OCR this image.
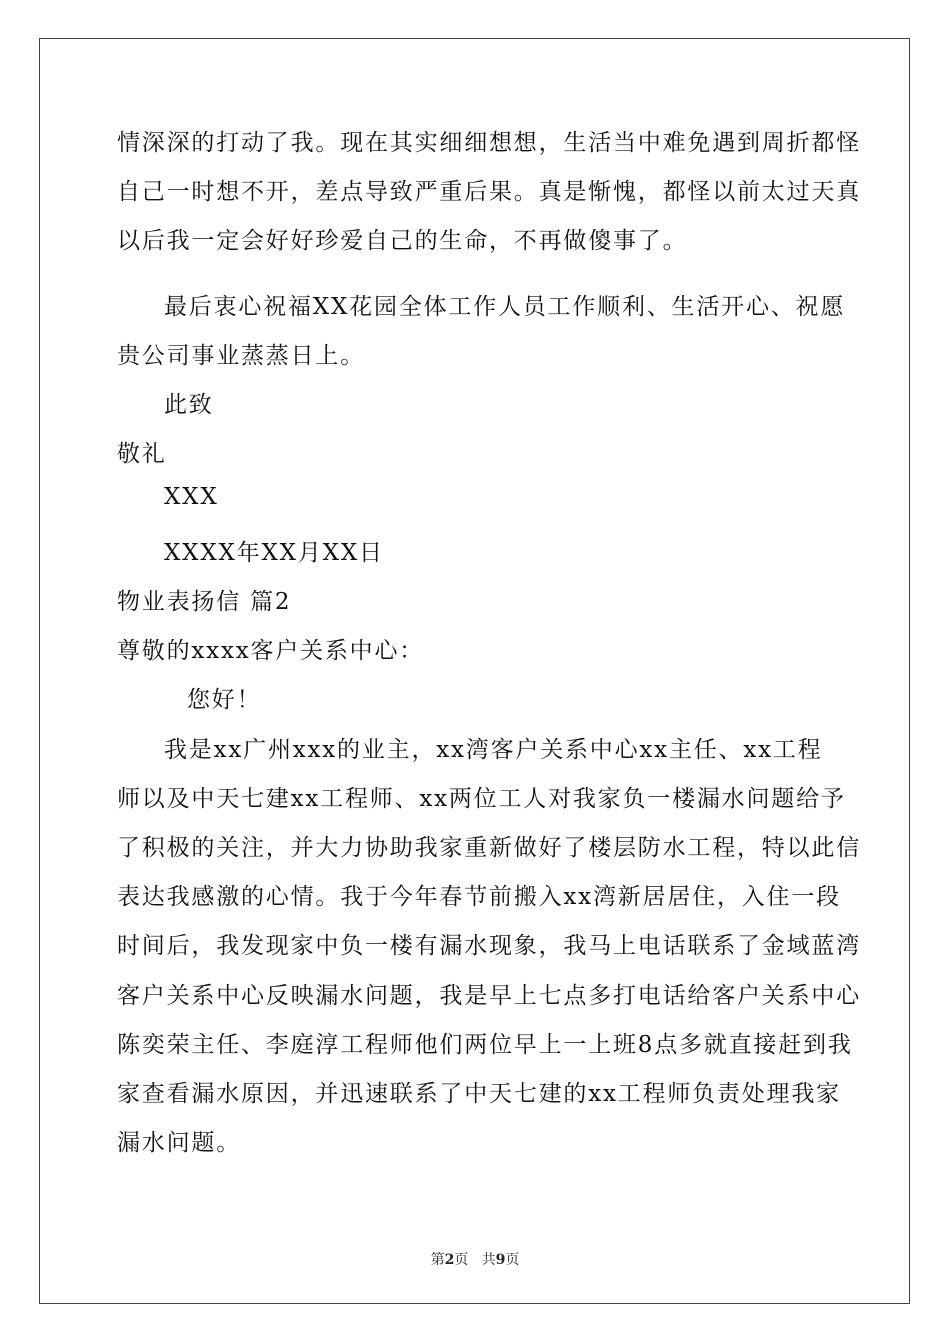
情深深的打动了我。现在其实细细想想，生活当中难免遇到周折都怪
自己一时想不开，差点导致严重后果。真是惭愧，都怪以前太过天真
以后我一定会好好珍爱自己的生命，不再做傻事了。
最后衷心祝福XX花园全体工作人员工作顺利、生活开心、祝愿
贵公司事业蒸蒸日上。
此致
敬礼
XXX
XXXX年XX月XX日
物业表扬信 篇2
尊敬的xxxx客户关系中心：
您好！
我是xx广州xxx的业主，xx湾客户关系中心xx主任、xx工程
师以及中天七建xx工程师、xx两位工人对我家负一楼漏水问题给予
了积极的关注，并大力协助我家重新做好了楼层防水工程，特以此信
表达我感激的心情。我于今年春节前搬入xx湾新居居住，入住一段
时间后，我发现家中负一楼有漏水现象，我马上电话联系了金域蓝湾
客户关系中心反映漏水问题，我是早上七点多打电话给客户关系中心
陈奕荣主任、李庭淳工程师他们两位早上一上班8点多就直接赶到我
家查看漏水原因，并迅速联系了中天七建的xx工程师负责处理我家
漏水问题。
第2页 共9页
